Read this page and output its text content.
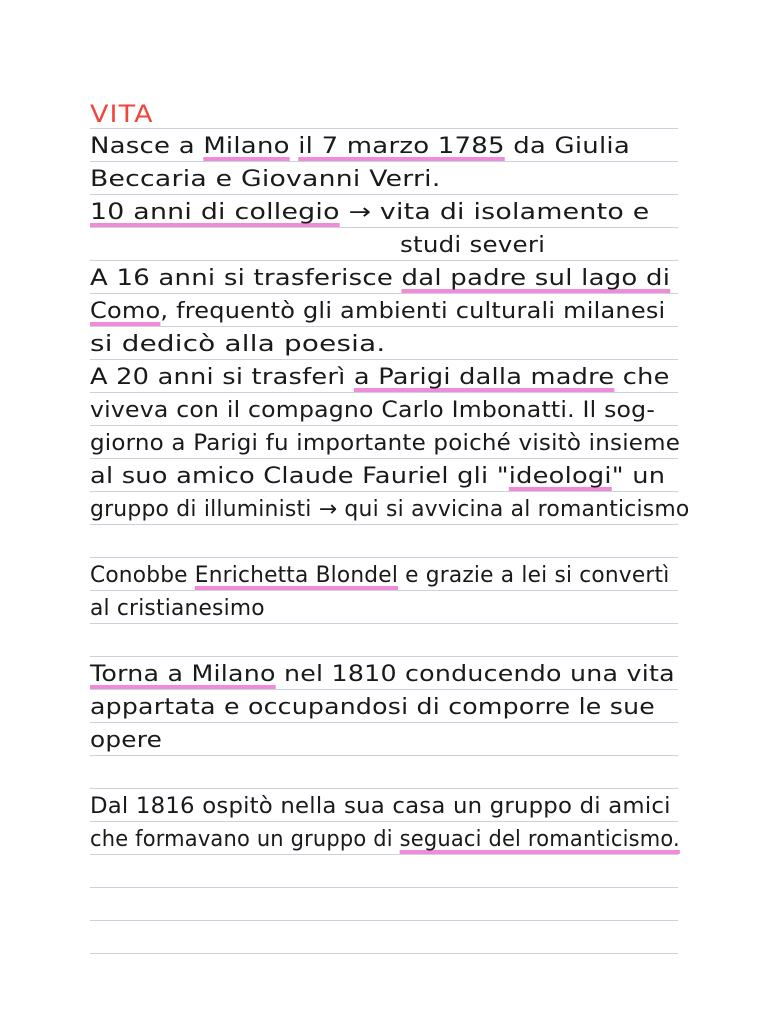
VITA
Nasce a Milano il 7 marzo 1785 da Giulia
Beccaria e Giovanni Verri.
10 anni di collegio → vita di isolamento e
studi severi
A 16 anni si trasferisce dal padre sul lago di
Como, frequentò gli ambienti culturali milanesi
si dedicò alla poesia.
A 20 anni si trasferì a Parigi dalla madre che
viveva con il compagno Carlo Imbonatti. Il sog-
giorno a Parigi fu importante poiché visitò insieme
al suo amico Claude Fauriel gli "ideologi" un
gruppo di illuministi → qui si avvicina al romanticismo
Conobbe Enrichetta Blondel e grazie a lei si convertì
al cristianesimo
Torna a Milano nel 1810 conducendo una vita
appartata e occupandosi di comporre le sue
opere
Dal 1816 ospitò nella sua casa un gruppo di amici
che formavano un gruppo di seguaci del romanticismo.
